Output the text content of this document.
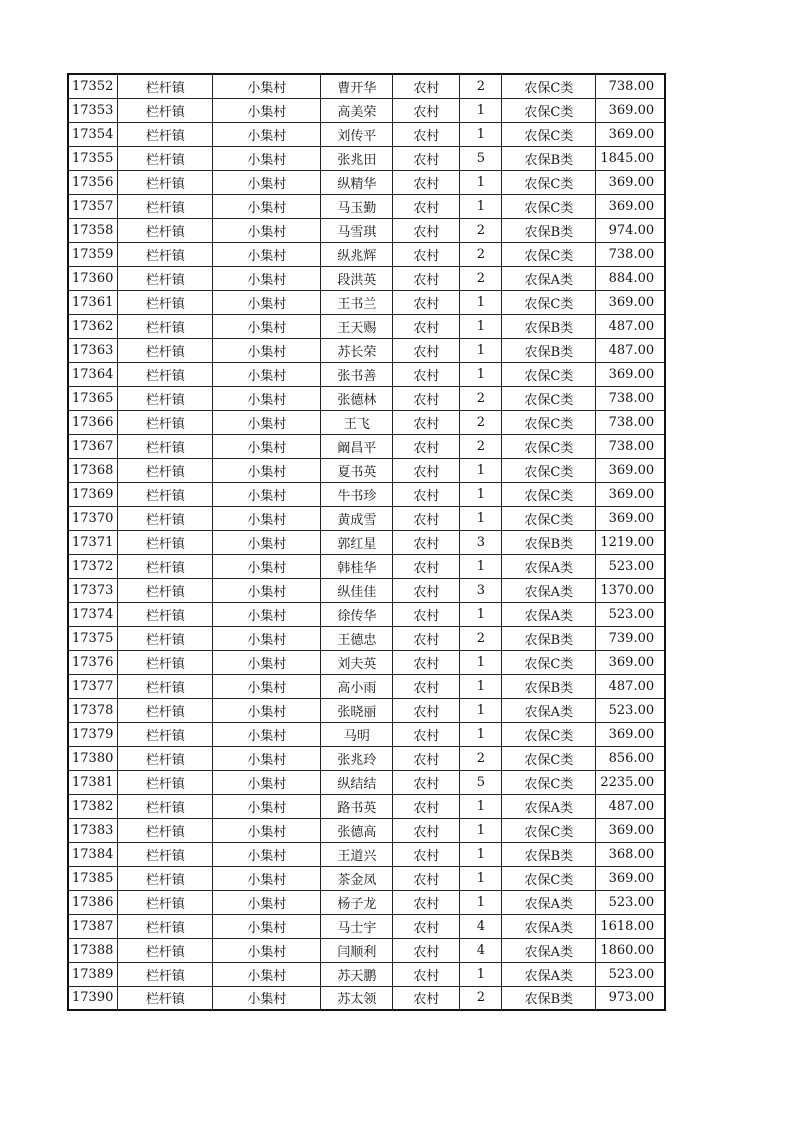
17352	栏杆镇	小集村	曹开华	农村	2	农保C类	738.00
17353	栏杆镇	小集村	高美荣	农村	1	农保C类	369.00
17354	栏杆镇	小集村	刘传平	农村	1	农保C类	369.00
17355	栏杆镇	小集村	张兆田	农村	5	农保B类	1845.00
17356	栏杆镇	小集村	纵精华	农村	1	农保C类	369.00
17357	栏杆镇	小集村	马玉勤	农村	1	农保C类	369.00
17358	栏杆镇	小集村	马雪琪	农村	2	农保B类	974.00
17359	栏杆镇	小集村	纵兆辉	农村	2	农保C类	738.00
17360	栏杆镇	小集村	段洪英	农村	2	农保A类	884.00
17361	栏杆镇	小集村	王书兰	农村	1	农保C类	369.00
17362	栏杆镇	小集村	王天赐	农村	1	农保B类	487.00
17363	栏杆镇	小集村	苏长荣	农村	1	农保B类	487.00
17364	栏杆镇	小集村	张书善	农村	1	农保C类	369.00
17365	栏杆镇	小集村	张德林	农村	2	农保C类	738.00
17366	栏杆镇	小集村	王飞	农村	2	农保C类	738.00
17367	栏杆镇	小集村	阚昌平	农村	2	农保C类	738.00
17368	栏杆镇	小集村	夏书英	农村	1	农保C类	369.00
17369	栏杆镇	小集村	牛书珍	农村	1	农保C类	369.00
17370	栏杆镇	小集村	黄成雪	农村	1	农保C类	369.00
17371	栏杆镇	小集村	郭红星	农村	3	农保B类	1219.00
17372	栏杆镇	小集村	韩桂华	农村	1	农保A类	523.00
17373	栏杆镇	小集村	纵佳佳	农村	3	农保A类	1370.00
17374	栏杆镇	小集村	徐传华	农村	1	农保A类	523.00
17375	栏杆镇	小集村	王德忠	农村	2	农保B类	739.00
17376	栏杆镇	小集村	刘夫英	农村	1	农保C类	369.00
17377	栏杆镇	小集村	高小雨	农村	1	农保B类	487.00
17378	栏杆镇	小集村	张晓丽	农村	1	农保A类	523.00
17379	栏杆镇	小集村	马明	农村	1	农保C类	369.00
17380	栏杆镇	小集村	张兆玲	农村	2	农保C类	856.00
17381	栏杆镇	小集村	纵结结	农村	5	农保C类	2235.00
17382	栏杆镇	小集村	路书英	农村	1	农保A类	487.00
17383	栏杆镇	小集村	张德高	农村	1	农保C类	369.00
17384	栏杆镇	小集村	王道兴	农村	1	农保B类	368.00
17385	栏杆镇	小集村	茶金凤	农村	1	农保C类	369.00
17386	栏杆镇	小集村	杨子龙	农村	1	农保A类	523.00
17387	栏杆镇	小集村	马士宇	农村	4	农保A类	1618.00
17388	栏杆镇	小集村	闫顺利	农村	4	农保A类	1860.00
17389	栏杆镇	小集村	苏天鹏	农村	1	农保A类	523.00
17390	栏杆镇	小集村	苏太领	农村	2	农保B类	973.00
